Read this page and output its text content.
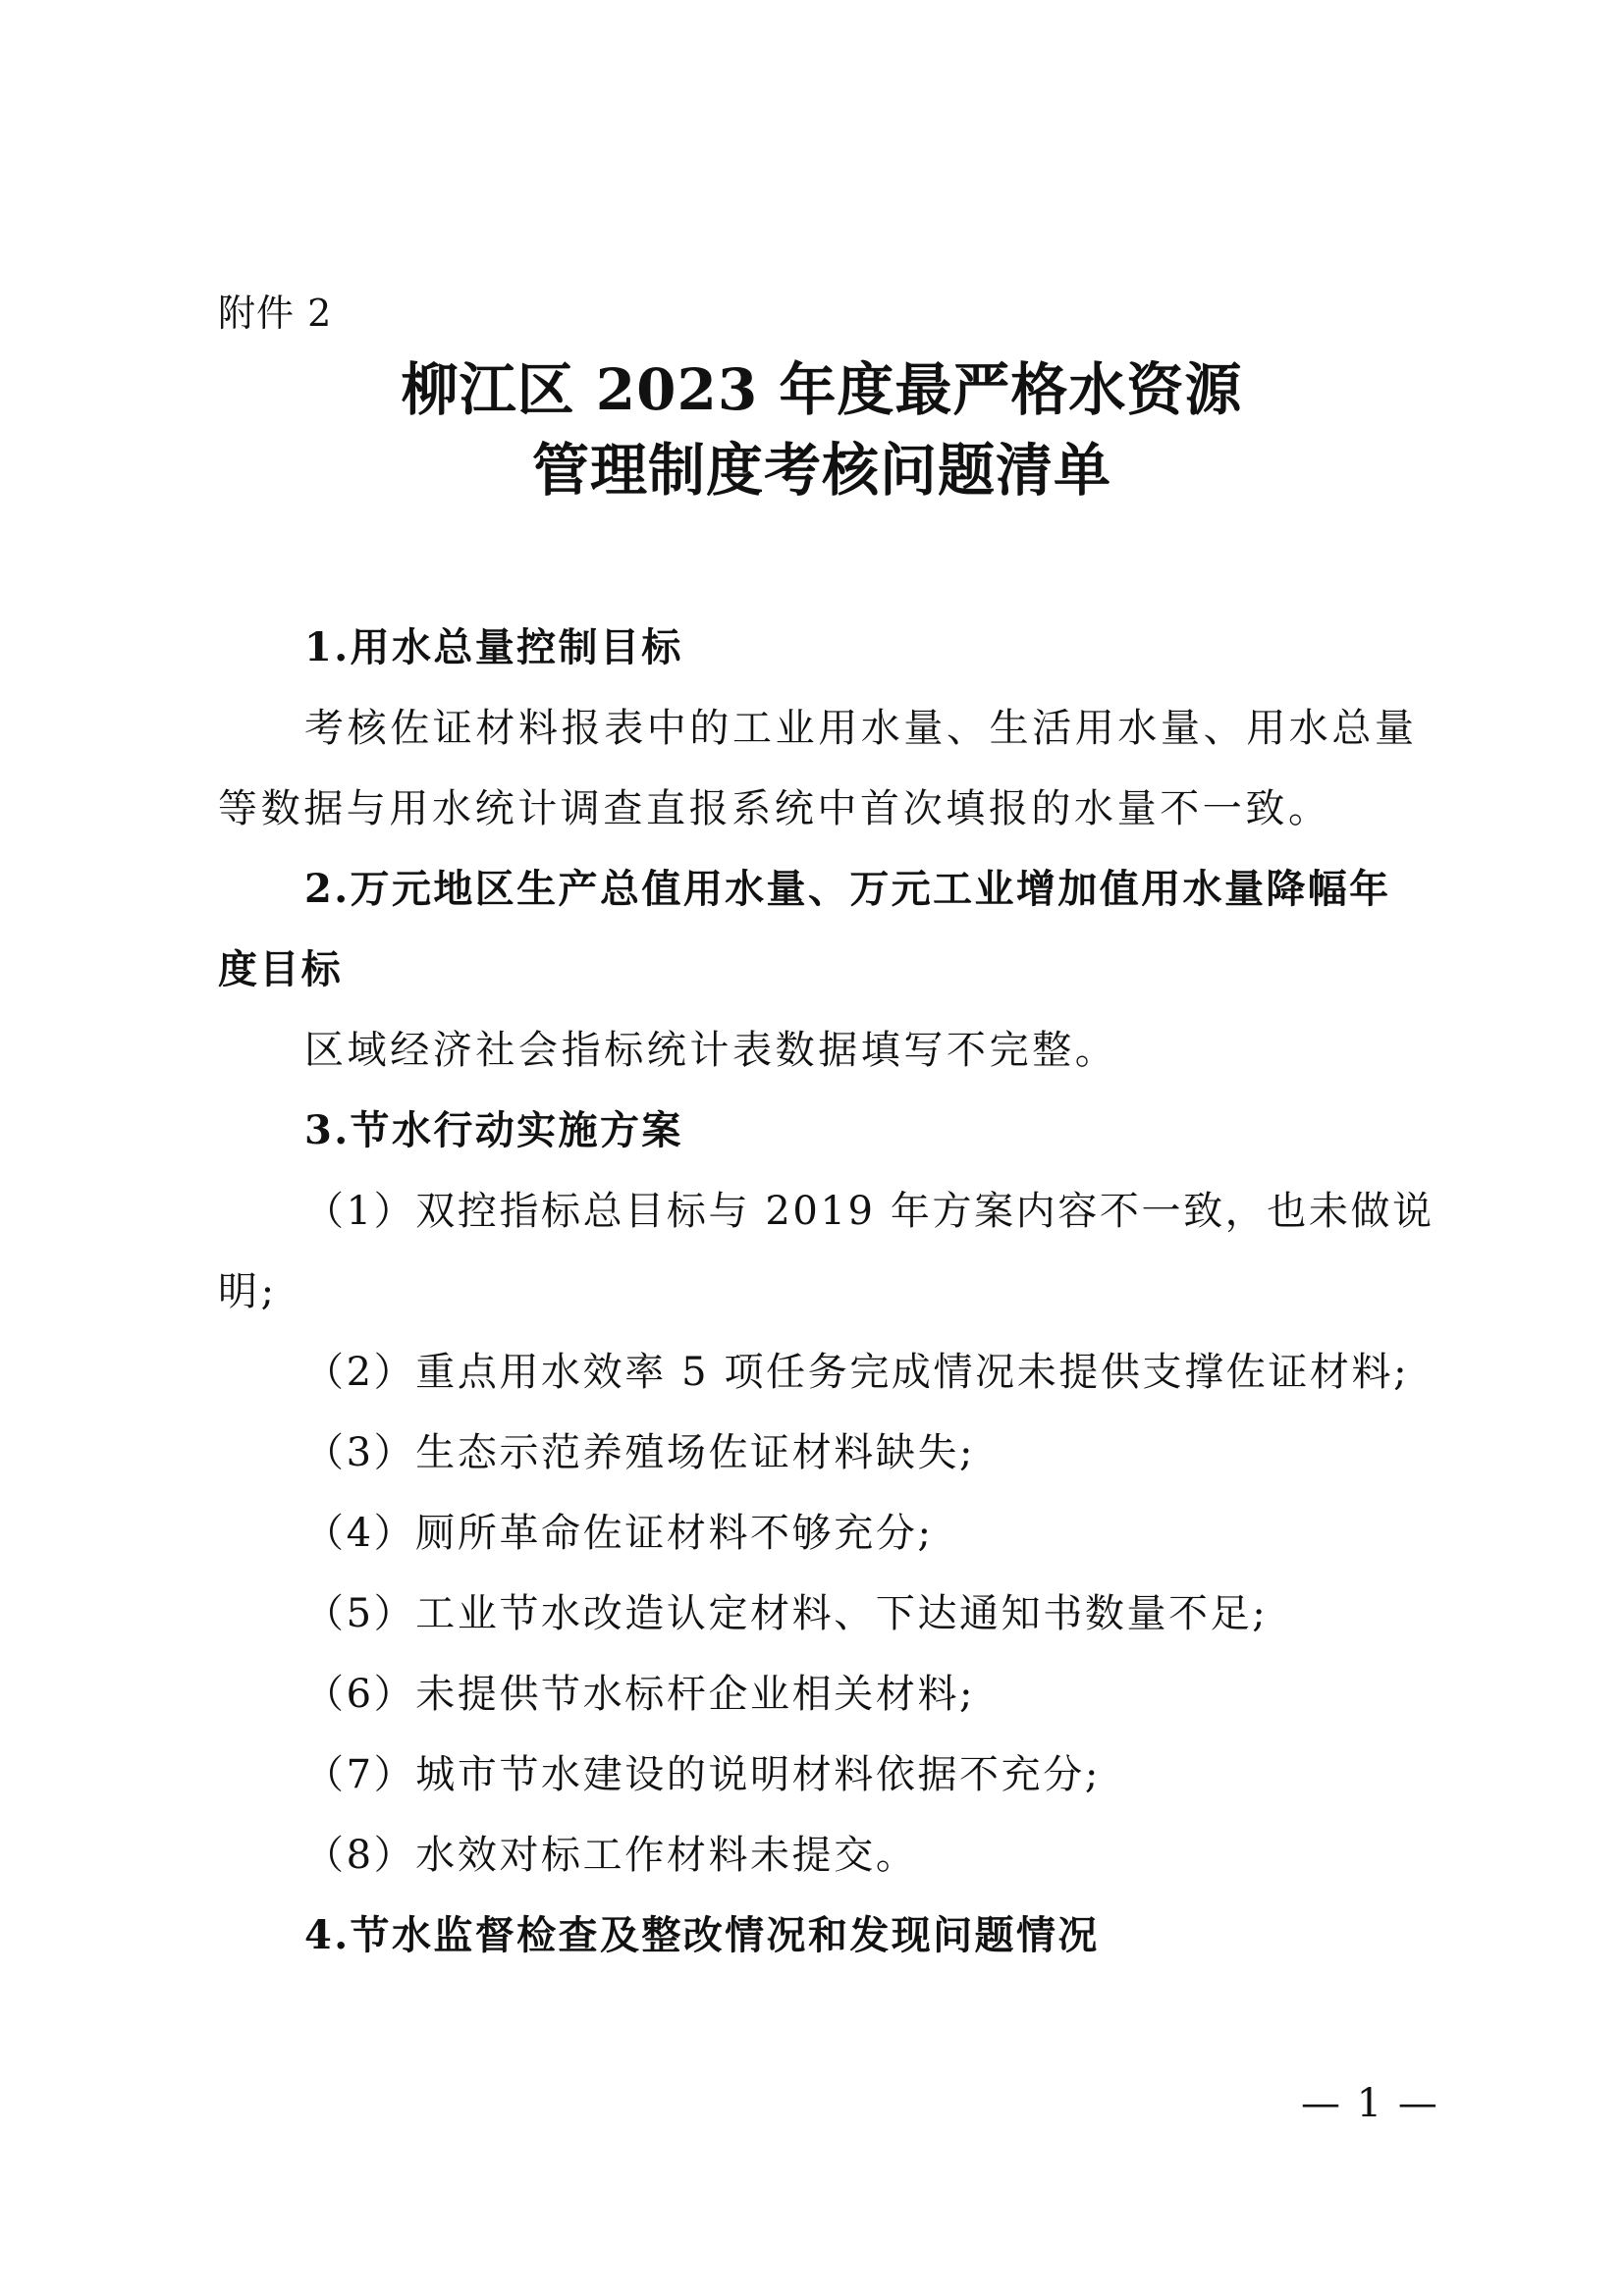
附件 2
柳江区 2023 年度最严格水资源
管理制度考核问题清单
1.用水总量控制目标
考核佐证材料报表中的工业用水量、生活用水量、用水总量
等数据与用水统计调查直报系统中首次填报的水量不一致。
2.万元地区生产总值用水量、万元工业增加值用水量降幅年
度目标
区域经济社会指标统计表数据填写不完整。
3.节水行动实施方案
（1）双控指标总目标与 2019 年方案内容不一致，也未做说
明;
（2）重点用水效率 5 项任务完成情况未提供支撑佐证材料;
（3）生态示范养殖场佐证材料缺失;
（4）厕所革命佐证材料不够充分;
（5）工业节水改造认定材料、下达通知书数量不足;
（6）未提供节水标杆企业相关材料;
（7）城市节水建设的说明材料依据不充分;
（8）水效对标工作材料未提交。
4.节水监督检查及整改情况和发现问题情况
— 1 —
